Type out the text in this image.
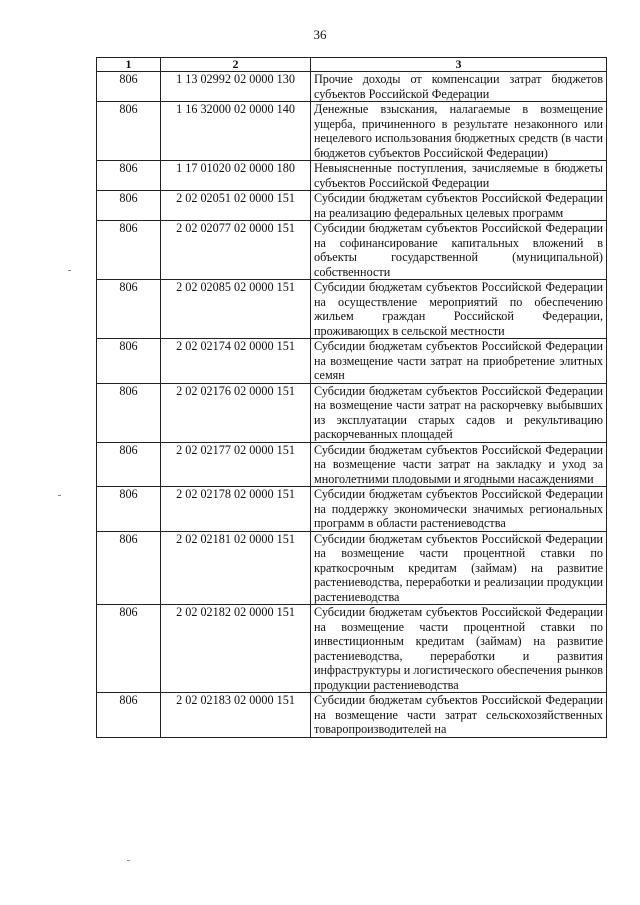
36
1	2	3
806	1 13 02992 02 0000 130	Прочие доходы от компенсации затрат бюджетов субъектов Российской Федерации
806	1 16 32000 02 0000 140	Денежные взыскания, налагаемые в возмещение ущерба, причиненного в результате незаконного или нецелевого использования бюджетных средств (в части бюджетов субъектов Российской Федерации)
806	1 17 01020 02 0000 180	Невыясненные поступления, зачисляемые в бюджеты субъектов Российской Федерации
806	2 02 02051 02 0000 151	Субсидии бюджетам субъектов Российской Федерации на реализацию федеральных целевых программ
806	2 02 02077 02 0000 151	Субсидии бюджетам субъектов Российской Федерации на софинансирование капитальных вложений в объекты государственной (муниципальной) собственности
806	2 02 02085 02 0000 151	Субсидии бюджетам субъектов Российской Федерации на осуществление мероприятий по обеспечению жильем граждан Российской Федерации, проживающих в сельской местности
806	2 02 02174 02 0000 151	Субсидии бюджетам субъектов Российской Федерации на возмещение части затрат на приобретение элитных семян
806	2 02 02176 02 0000 151	Субсидии бюджетам субъектов Российской Федерации на возмещение части затрат на раскорчевку выбывших из эксплуатации старых садов и рекультивацию раскорчеванных площадей
806	2 02 02177 02 0000 151	Субсидии бюджетам субъектов Российской Федерации на возмещение части затрат на закладку и уход за многолетними плодовыми и ягодными насаждениями
806	2 02 02178 02 0000 151	Субсидии бюджетам субъектов Российской Федерации на поддержку экономически значимых региональных программ в области растениеводства
806	2 02 02181 02 0000 151	Субсидии бюджетам субъектов Российской Федерации на возмещение части процентной ставки по краткосрочным кредитам (займам) на развитие растениеводства, переработки и реализации продукции растениеводства
806	2 02 02182 02 0000 151	Субсидии бюджетам субъектов Российской Федерации на возмещение части процентной ставки по инвестиционным кредитам (займам) на развитие растениеводства, переработки и развития инфраструктуры и логистического обеспечения рынков продукции растениеводства
806	2 02 02183 02 0000 151	Субсидии бюджетам субъектов Российской Федерации на возмещение части затрат сельскохозяйственных товаропроизводителей на
